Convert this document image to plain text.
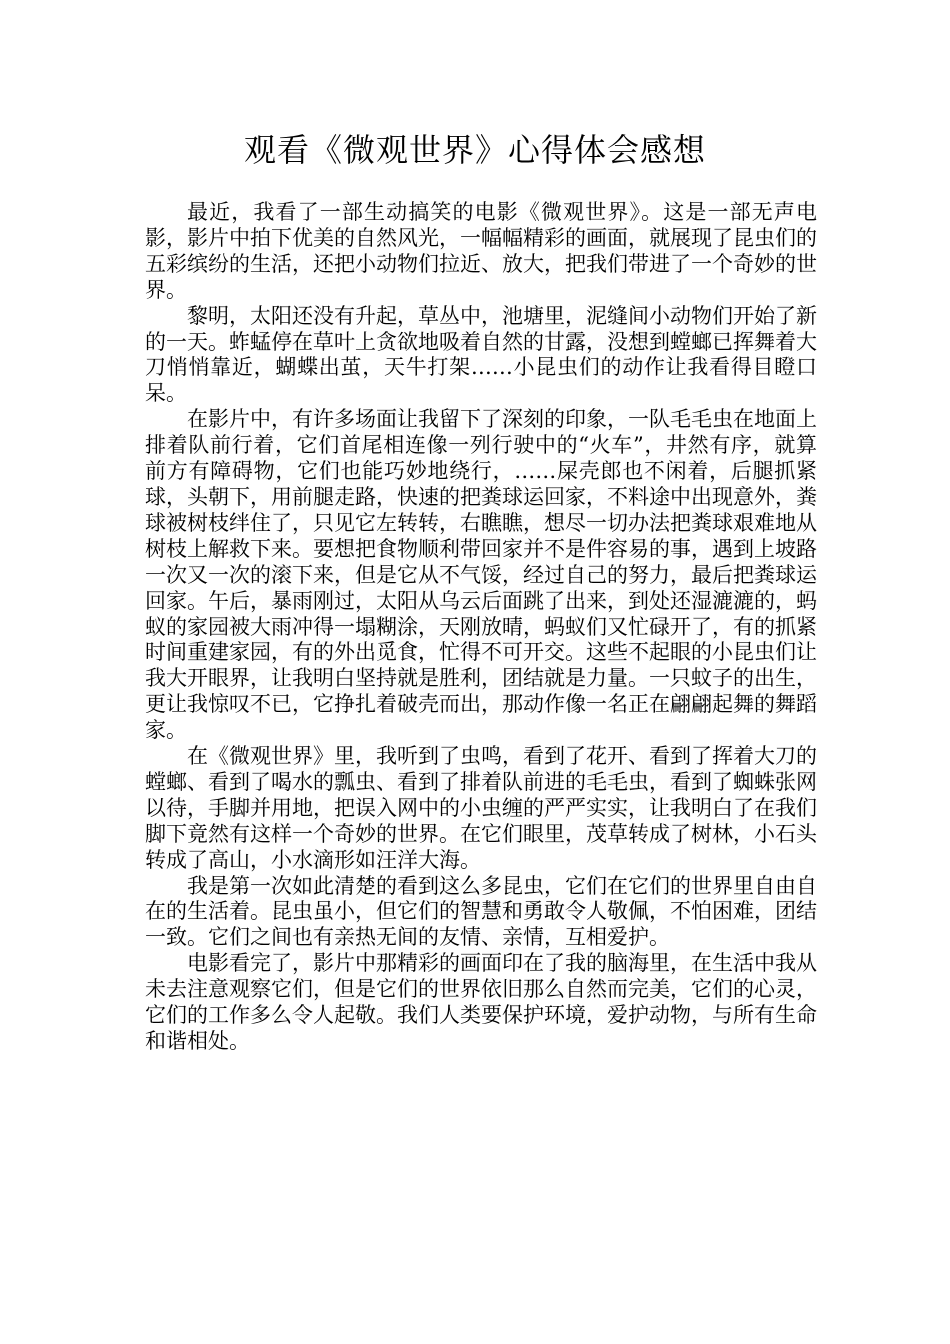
观看《微观世界》心得体会感想

最近，我看了一部生动搞笑的电影《微观世界》。这是一部无声电影，影片中拍下优美的自然风光，一幅幅精彩的画面，就展现了昆虫们的五彩缤纷的生活，还把小动物们拉近、放大，把我们带进了一个奇妙的世界。

黎明，太阳还没有升起，草丛中，池塘里，泥缝间小动物们开始了新的一天。蚱蜢停在草叶上贪欲地吸着自然的甘露，没想到螳螂已挥舞着大刀悄悄靠近，蝴蝶出茧，天牛打架……小昆虫们的动作让我看得目瞪口呆。

在影片中，有许多场面让我留下了深刻的印象，一队毛毛虫在地面上排着队前行着，它们首尾相连像一列行驶中的“火车”，井然有序，就算前方有障碍物，它们也能巧妙地绕行，……屎壳郎也不闲着，后腿抓紧球，头朝下，用前腿走路，快速的把粪球运回家，不料途中出现意外，粪球被树枝绊住了，只见它左转转，右瞧瞧，想尽一切办法把粪球艰难地从树枝上解救下来。要想把食物顺利带回家并不是件容易的事，遇到上坡路一次又一次的滚下来，但是它从不气馁，经过自己的努力，最后把粪球运回家。午后，暴雨刚过，太阳从乌云后面跳了出来，到处还湿漉漉的，蚂蚁的家园被大雨冲得一塌糊涂，天刚放晴，蚂蚁们又忙碌开了，有的抓紧时间重建家园，有的外出觅食，忙得不可开交。这些不起眼的小昆虫们让我大开眼界，让我明白坚持就是胜利，团结就是力量。一只蚊子的出生，更让我惊叹不已，它挣扎着破壳而出，那动作像一名正在翩翩起舞的舞蹈家。

在《微观世界》里，我听到了虫鸣，看到了花开、看到了挥着大刀的螳螂、看到了喝水的瓢虫、看到了排着队前进的毛毛虫，看到了蜘蛛张网以待，手脚并用地，把误入网中的小虫缠的严严实实，让我明白了在我们脚下竟然有这样一个奇妙的世界。在它们眼里，茂草转成了树林，小石头转成了高山，小水滴形如汪洋大海。

我是第一次如此清楚的看到这么多昆虫，它们在它们的世界里自由自在的生活着。昆虫虽小，但它们的智慧和勇敢令人敬佩，不怕困难，团结一致。它们之间也有亲热无间的友情、亲情，互相爱护。

电影看完了，影片中那精彩的画面印在了我的脑海里，在生活中我从未去注意观察它们，但是它们的世界依旧那么自然而完美，它们的心灵，它们的工作多么令人起敬。我们人类要保护环境，爱护动物，与所有生命和谐相处。
